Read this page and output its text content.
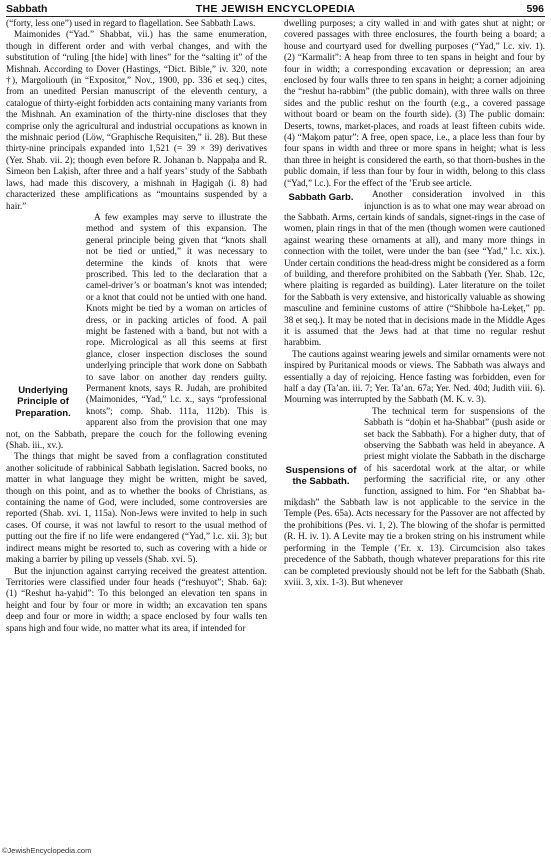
Sabbath	THE JEWISH ENCYCLOPEDIA	596

(“forty, less one”) used in regard to flagellation. See Sabbath Laws.

Maimonides (“Yad.” Shabbat, vii.) has the same enumeration, though in different order and with verbal changes, and with the substitution of “ruling [the hide] with lines” for the “salting it” of the Mishnah. According to Dover (Hastings, “Dict. Bible,” iv. 320, note †), Margoliouth (in “Expositor,” Nov., 1900, pp. 336 et seq.) cites, from an unedited Persian manuscript of the eleventh century, a catalogue of thirty-eight forbidden acts containing many variants from the Mishnah. An examination of the thirty-nine discloses that they comprise only the agricultural and industrial occupations as known in the mishnaic period (Löw, “Graphische Requisiten,” ii. 28). But these thirty-nine principals expanded into 1,521 (= 39 × 39) derivatives (Yer. Shab. vii. 2); though even before R. Johanan b. Nappaḥa and R. Simeon ben Laḳish, after three and a half years’ study of the Sabbath laws, had made this discovery, a mishnah in Ḥagigah (i. 8) had characterized these amplifications as “mountains suspended by a hair.”

Underlying Principle of Preparation.

A few examples may serve to illustrate the method and system of this expansion. The general principle being given that “knots shall not be tied or untied,” it was necessary to determine the kinds of knots that were proscribed. This led to the declaration that a camel-driver’s or boatman’s knot was intended; or a knot that could not be untied with one hand. Knots might be tied by a woman on articles of dress, or in packing articles of food. A pail might be fastened with a band, but not with a rope. Micrological as all this seems at first glance, closer inspection discloses the sound underlying principle that work done on Sabbath to save labor on another day renders guilty. Permanent knots, says R. Judah, are prohibited (Maimonides, “Yad,” l.c. x., says “professional knots”; comp. Shab. 111a, 112b). This is apparent also from the provision that one may not, on the Sabbath, prepare the couch for the following evening (Shab. iii., xv.).

The things that might be saved from a conflagration constituted another solicitude of rabbinical Sabbath legislation. Sacred books, no matter in what language they might be written, might be saved, though on this point, and as to whether the books of Christians, as containing the name of God, were included, some controversies are reported (Shab. xvi. 1, 115a). Non-Jews were invited to help in such cases. Of course, it was not lawful to resort to the usual method of putting out the fire if no life were endangered (“Yad,” l.c. xii. 3); but indirect means might be resorted to, such as covering with a hide or making a barrier by piling up vessels (Shab. xvi. 5).

But the injunction against carrying received the greatest attention. Territories were classified under four heads (“reshuyot”; Shab. 6a): (1) “Reshut ha-yaḥid”: To this belonged an elevation ten spans in height and four by four or more in width; an excavation ten spans deep and four or more in width; a space enclosed by four walls ten spans high and four wide, no matter what its area, if intended for

dwelling purposes; a city walled in and with gates shut at night; or covered passages with three enclosures, the fourth being a board; a house and courtyard used for dwelling purposes (“Yad,” l.c. xiv. 1). (2) “Karmalit”: A heap from three to ten spans in height and four by four in width; a corresponding excavation or depression; an area enclosed by four walls three to ten spans in height; a corner adjoining the “reshut ha-rabbim” (the public domain), with three walls on three sides and the public reshut on the fourth (e.g., a covered passage without board or beam on the fourth side). (3) The public domain: Deserts, towns, market-places, and roads at least fifteen cubits wide. (4) “Maḳom paṭur”: A free, open space, i.e., a place less than four by four spans in width and three or more spans in height; what is less than three in height is considered the earth, so that thorn-bushes in the public domain, if less than four by four in width, belong to this class (“Yad,” l.c.). For the effect of the ’Erub see article.

Sabbath Garb.	Another consideration involved in this injunction is as to what one may wear abroad on the Sabbath. Arms, certain kinds of sandals, signet-rings in the case of women, plain rings in that of the men (though women were cautioned against wearing these ornaments at all), and many more things in connection with the toilet, were under the ban (see “Yad,” l.c. xix.). Under certain conditions the head-dress might be considered as a form of building, and therefore prohibited on the Sabbath (Yer. Shab. 12c, where plaiting is regarded as building). Later literature on the toilet for the Sabbath is very extensive, and historically valuable as showing masculine and feminine customs of attire (“Shibbole ha-Leḳeṭ,” pp. 38 et seq.). It may be noted that in decisions made in the Middle Ages it is assumed that the Jews had at that time no regular reshut harabbim.

The cautions against wearing jewels and similar ornaments were not inspired by Puritanical moods or views. The Sabbath was always and essentially a day of rejoicing. Hence fasting was forbidden, even for half a day (Ta’an. iii. 7; Yer. Ta’an. 67a; Yer. Ned. 40d; Judith viii. 6). Mourning was interrupted by the Sabbath (M. K. v. 3).

Suspensions of the Sabbath.

The technical term for suspensions of the Sabbath is “doḥin et ha-Shabbat” (push aside or set back the Sabbath). For a higher duty, that of observing the Sabbath was held in abeyance. A priest might violate the Sabbath in the discharge of his sacerdotal work at the altar, or while performing the sacrificial rite, or any other function, assigned to him. For “en Shabbat ba-miḳdash” the Sabbath law is not applicable to the service in the Temple (Pes. 65a). Acts necessary for the Passover are not affected by the prohibitions (Pes. vi. 1, 2). The blowing of the shofar is permitted (R. H. iv. 1). A Levite may tie a broken string on his instrument while performing in the Temple (’Er. x. 13). Circumcision also takes precedence of the Sabbath, though whatever preparations for this rite can be completed previously should not be left for the Sabbath (Shab. xviii. 3, xix. 1-3). But whenever

©JewishEncyclopedia.com
